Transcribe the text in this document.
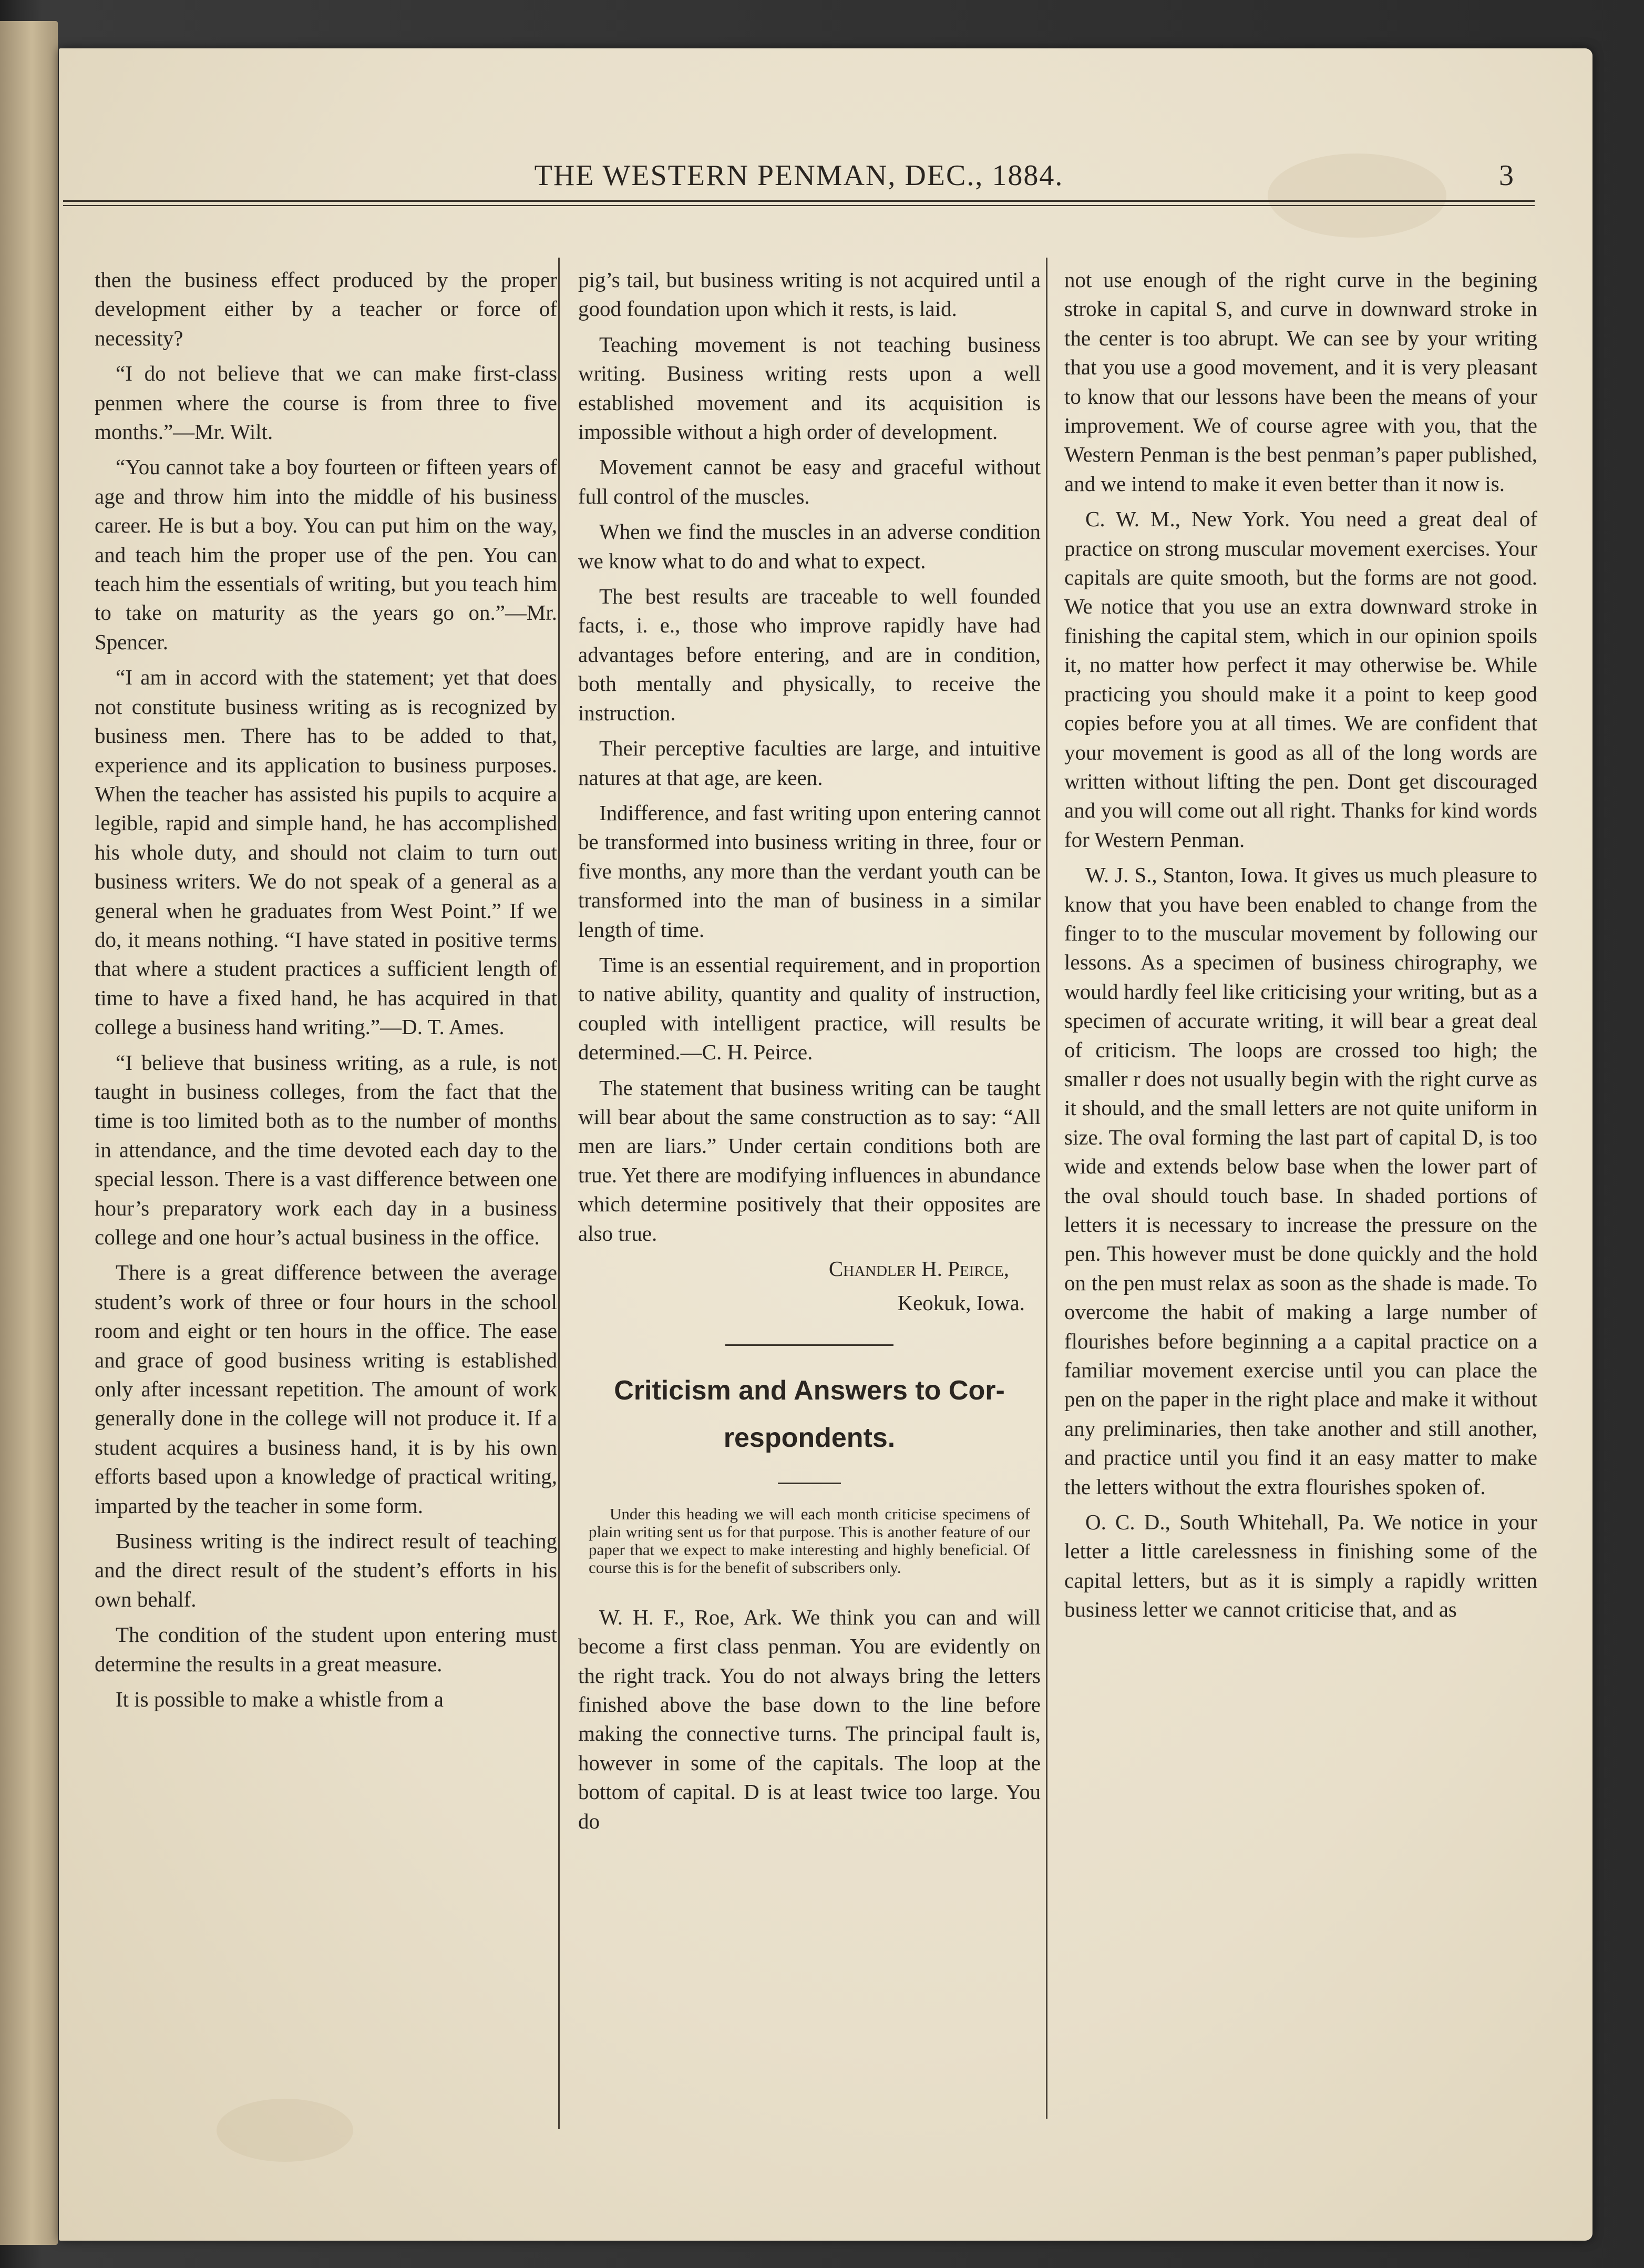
THE WESTERN PENMAN, DEC., 1884.	3

then the business effect produced by the proper development either by a teacher or force of necessity?

“I do not believe that we can make first-class penmen where the course is from three to five months.”—Mr. Wilt.

“You cannot take a boy fourteen or fifteen years of age and throw him into the middle of his business career. He is but a boy. You can put him on the way, and teach him the proper use of the pen. You can teach him the essentials of writing, but you teach him to take on maturity as the years go on.”—Mr. Spencer.

“I am in accord with the statement; yet that does not constitute business writing as is recognized by business men. There has to be added to that, experience and its application to business purposes. When the teacher has assisted his pupils to acquire a legible, rapid and simple hand, he has accomplished his whole duty, and should not claim to turn out business writers. We do not speak of a general as a general when he graduates from West Point.” If we do, it means nothing. “I have stated in positive terms that where a student practices a sufficient length of time to have a fixed hand, he has acquired in that college a business hand writing.”—D. T. Ames.

“I believe that business writing, as a rule, is not taught in business colleges, from the fact that the time is too limited both as to the number of months in attendance, and the time devoted each day to the special lesson. There is a vast difference between one hour’s preparatory work each day in a business college and one hour’s actual business in the office.

There is a great difference between the average student’s work of three or four hours in the school room and eight or ten hours in the office. The ease and grace of good business writing is established only after incessant repetition. The amount of work generally done in the college will not produce it. If a student acquires a business hand, it is by his own efforts based upon a knowledge of practical writing, imparted by the teacher in some form.

Business writing is the indirect result of teaching and the direct result of the student’s efforts in his own behalf.

The condition of the student upon entering must determine the results in a great measure.

It is possible to make a whistle from a

pig’s tail, but business writing is not acquired until a good foundation upon which it rests, is laid.

Teaching movement is not teaching business writing. Business writing rests upon a well established movement and its acquisition is impossible without a high order of development.

Movement cannot be easy and graceful without full control of the muscles.

When we find the muscles in an adverse condition we know what to do and what to expect.

The best results are traceable to well founded facts, i. e., those who improve rapidly have had advantages before entering, and are in condition, both mentally and physically, to receive the instruction.

Their perceptive faculties are large, and intuitive natures at that age, are keen.

Indifference, and fast writing upon entering cannot be transformed into business writing in three, four or five months, any more than the verdant youth can be transformed into the man of business in a similar length of time.

Time is an essential requirement, and in proportion to native ability, quantity and quality of instruction, coupled with intelligent practice, will results be determined.—C. H. Peirce.

The statement that business writing can be taught will bear about the same construction as to say: “All men are liars.” Under certain conditions both are true. Yet there are modifying influences in abundance which determine positively that their opposites are also true.

Chandler H. Peirce,
Keokuk, Iowa.
Criticism and Answers to Cor-
respondents.
Under this heading we will each month criticise specimens of plain writing sent us for that purpose. This is another feature of our paper that we expect to make interesting and highly beneficial. Of course this is for the benefit of subscribers only.

W. H. F., Roe, Ark. We think you can and will become a first class penman. You are evidently on the right track. You do not always bring the letters finished above the base down to the line before making the connective turns. The principal fault is, however in some of the capitals. The loop at the bottom of capital. D is at least twice too large. You do

not use enough of the right curve in the begining stroke in capital S, and curve in downward stroke in the center is too abrupt. We can see by your writing that you use a good movement, and it is very pleasant to know that our lessons have been the means of your improvement. We of course agree with you, that the Western Penman is the best penman’s paper published, and we intend to make it even better than it now is.

C. W. M., New York. You need a great deal of practice on strong muscular movement exercises. Your capitals are quite smooth, but the forms are not good. We notice that you use an extra downward stroke in finishing the capital stem, which in our opinion spoils it, no matter how perfect it may otherwise be. While practicing you should make it a point to keep good copies before you at all times. We are confident that your movement is good as all of the long words are written without lifting the pen. Dont get discouraged and you will come out all right. Thanks for kind words for Western Penman.

W. J. S., Stanton, Iowa. It gives us much pleasure to know that you have been enabled to change from the finger to to the muscular movement by following our lessons. As a specimen of business chirography, we would hardly feel like criticising your writing, but as a specimen of accurate writing, it will bear a great deal of criticism. The loops are crossed too high; the smaller r does not usually begin with the right curve as it should, and the small letters are not quite uniform in size. The oval forming the last part of capital D, is too wide and extends below base when the lower part of the oval should touch base. In shaded portions of letters it is necessary to increase the pressure on the pen. This however must be done quickly and the hold on the pen must relax as soon as the shade is made. To overcome the habit of making a large number of flourishes before beginning a a capital practice on a familiar movement exercise until you can place the pen on the paper in the right place and make it without any preliminaries, then take another and still another, and practice until you find it an easy matter to make the letters without the extra flourishes spoken of.

O. C. D., South Whitehall, Pa. We notice in your letter a little carelessness in finishing some of the capital letters, but as it is simply a rapidly written business letter we cannot criticise that, and as
